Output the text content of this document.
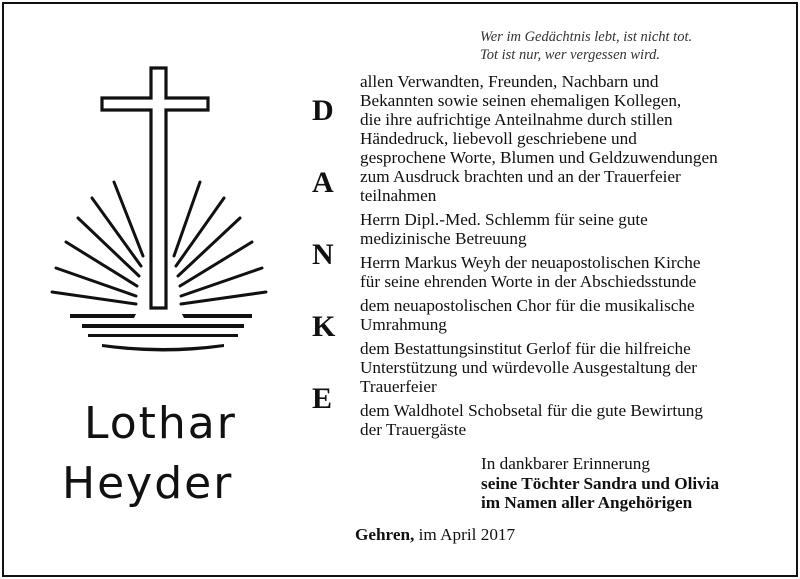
Wer im Gedächtnis lebt, ist nicht tot.
Tot ist nur, wer vergessen wird.
Lothar
Heyder
D
A
N
K
E
allen Verwandten, Freunden, Nachbarn und
Bekannten sowie seinen ehemaligen Kollegen,
die ihre aufrichtige Anteilnahme durch stillen
Händedruck, liebevoll geschriebene und
gesprochene Worte, Blumen und Geldzuwendungen
zum Ausdruck brachten und an der Trauerfeier
teilnahmen
Herrn Dipl.-Med. Schlemm für seine gute
medizinische Betreuung
Herrn Markus Weyh der neuapostolischen Kirche
für seine ehrenden Worte in der Abschiedsstunde
dem neuapostolischen Chor für die musikalische
Umrahmung
dem Bestattungsinstitut Gerlof für die hilfreiche
Unterstützung und würdevolle Ausgestaltung der
Trauerfeier
dem Waldhotel Schobsetal für die gute Bewirtung
der Trauergäste
In dankbarer Erinnerung
seine Töchter Sandra und Olivia
im Namen aller Angehörigen
Gehren, im April 2017
